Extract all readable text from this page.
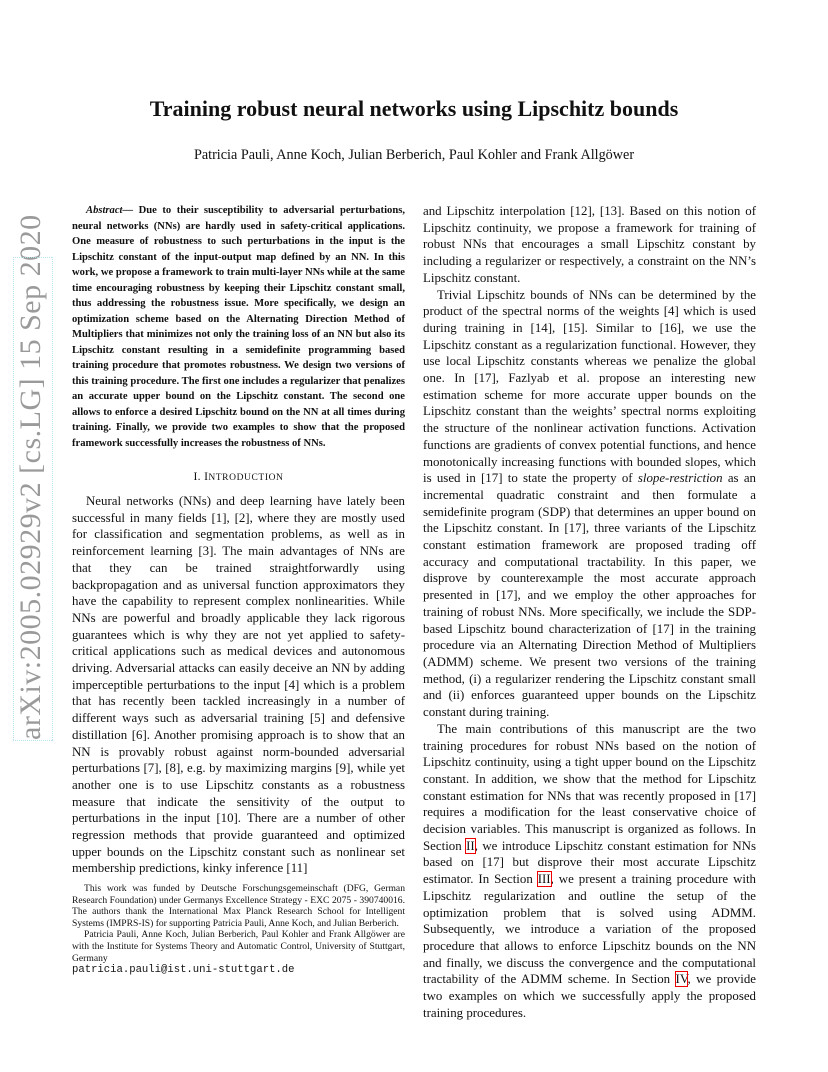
arXiv:2005.02929v2 [cs.LG] 15 Sep 2020
Training robust neural networks using Lipschitz bounds
Patricia Pauli, Anne Koch, Julian Berberich, Paul Kohler and Frank Allgöwer

Abstract— Due to their susceptibility to adversarial perturbations, neural networks (NNs) are hardly used in safety-critical applications. One measure of robustness to such perturbations in the input is the Lipschitz constant of the input-output map defined by an NN. In this work, we propose a framework to train multi-layer NNs while at the same time encouraging robustness by keeping their Lipschitz constant small, thus addressing the robustness issue. More specifically, we design an optimization scheme based on the Alternating Direction Method of Multipliers that minimizes not only the training loss of an NN but also its Lipschitz constant resulting in a semidefinite programming based training procedure that promotes robustness. We design two versions of this training procedure. The first one includes a regularizer that penalizes an accurate upper bound on the Lipschitz constant. The second one allows to enforce a desired Lipschitz bound on the NN at all times during training. Finally, we provide two examples to show that the proposed framework successfully increases the robustness of NNs.

I. INTRODUCTION

Neural networks (NNs) and deep learning have lately been successful in many fields [1], [2], where they are mostly used for classification and segmentation problems, as well as in reinforcement learning [3]. The main advantages of NNs are that they can be trained straightforwardly using backpropagation and as universal function approximators they have the capability to represent complex nonlinearities. While NNs are powerful and broadly applicable they lack rigorous guarantees which is why they are not yet applied to safety-critical applications such as medical devices and autonomous driving. Adversarial attacks can easily deceive an NN by adding imperceptible perturbations to the input [4] which is a problem that has recently been tackled increasingly in a number of different ways such as adversarial training [5] and defensive distillation [6]. Another promising approach is to show that an NN is provably robust against norm-bounded adversarial perturbations [7], [8], e.g. by maximizing margins [9], while yet another one is to use Lipschitz constants as a robustness measure that indicate the sensitivity of the output to perturbations in the input [10]. There are a number of other regression methods that provide guaranteed and optimized upper bounds on the Lipschitz constant such as nonlinear set membership predictions, kinky inference [11]

This work was funded by Deutsche Forschungsgemeinschaft (DFG, German Research Foundation) under Germanys Excellence Strategy - EXC 2075 - 390740016. The authors thank the International Max Planck Research School for Intelligent Systems (IMPRS-IS) for supporting Patricia Pauli, Anne Koch, and Julian Berberich.

Patricia Pauli, Anne Koch, Julian Berberich, Paul Kohler and Frank Allgöwer are with the Institute for Systems Theory and Automatic Control, University of Stuttgart, Germany
patricia.pauli@ist.uni-stuttgart.de

and Lipschitz interpolation [12], [13]. Based on this notion of Lipschitz continuity, we propose a framework for training of robust NNs that encourages a small Lipschitz constant by including a regularizer or respectively, a constraint on the NN’s Lipschitz constant.

Trivial Lipschitz bounds of NNs can be determined by the product of the spectral norms of the weights [4] which is used during training in [14], [15]. Similar to [16], we use the Lipschitz constant as a regularization functional. However, they use local Lipschitz constants whereas we penalize the global one. In [17], Fazlyab et al. propose an interesting new estimation scheme for more accurate upper bounds on the Lipschitz constant than the weights’ spectral norms exploiting the structure of the nonlinear activation functions. Activation functions are gradients of convex potential functions, and hence monotonically increasing functions with bounded slopes, which is used in [17] to state the property of slope-restriction as an incremental quadratic constraint and then formulate a semidefinite program (SDP) that determines an upper bound on the Lipschitz constant. In [17], three variants of the Lipschitz constant estimation framework are proposed trading off accuracy and computational tractability. In this paper, we disprove by counterexample the most accurate approach presented in [17], and we employ the other approaches for training of robust NNs. More specifically, we include the SDP-based Lipschitz bound characterization of [17] in the training procedure via an Alternating Direction Method of Multipliers (ADMM) scheme. We present two versions of the training method, (i) a regularizer rendering the Lipschitz constant small and (ii) enforces guaranteed upper bounds on the Lipschitz constant during training.

The main contributions of this manuscript are the two training procedures for robust NNs based on the notion of Lipschitz continuity, using a tight upper bound on the Lipschitz constant. In addition, we show that the method for Lipschitz constant estimation for NNs that was recently proposed in [17] requires a modification for the least conservative choice of decision variables. This manuscript is organized as follows. In Section II, we introduce Lipschitz constant estimation for NNs based on [17] but disprove their most accurate Lipschitz estimator. In Section III, we present a training procedure with Lipschitz regularization and outline the setup of the optimization problem that is solved using ADMM. Subsequently, we introduce a variation of the proposed procedure that allows to enforce Lipschitz bounds on the NN and finally, we discuss the convergence and the computational tractability of the ADMM scheme. In Section IV, we provide two examples on which we successfully apply the proposed training procedures.
